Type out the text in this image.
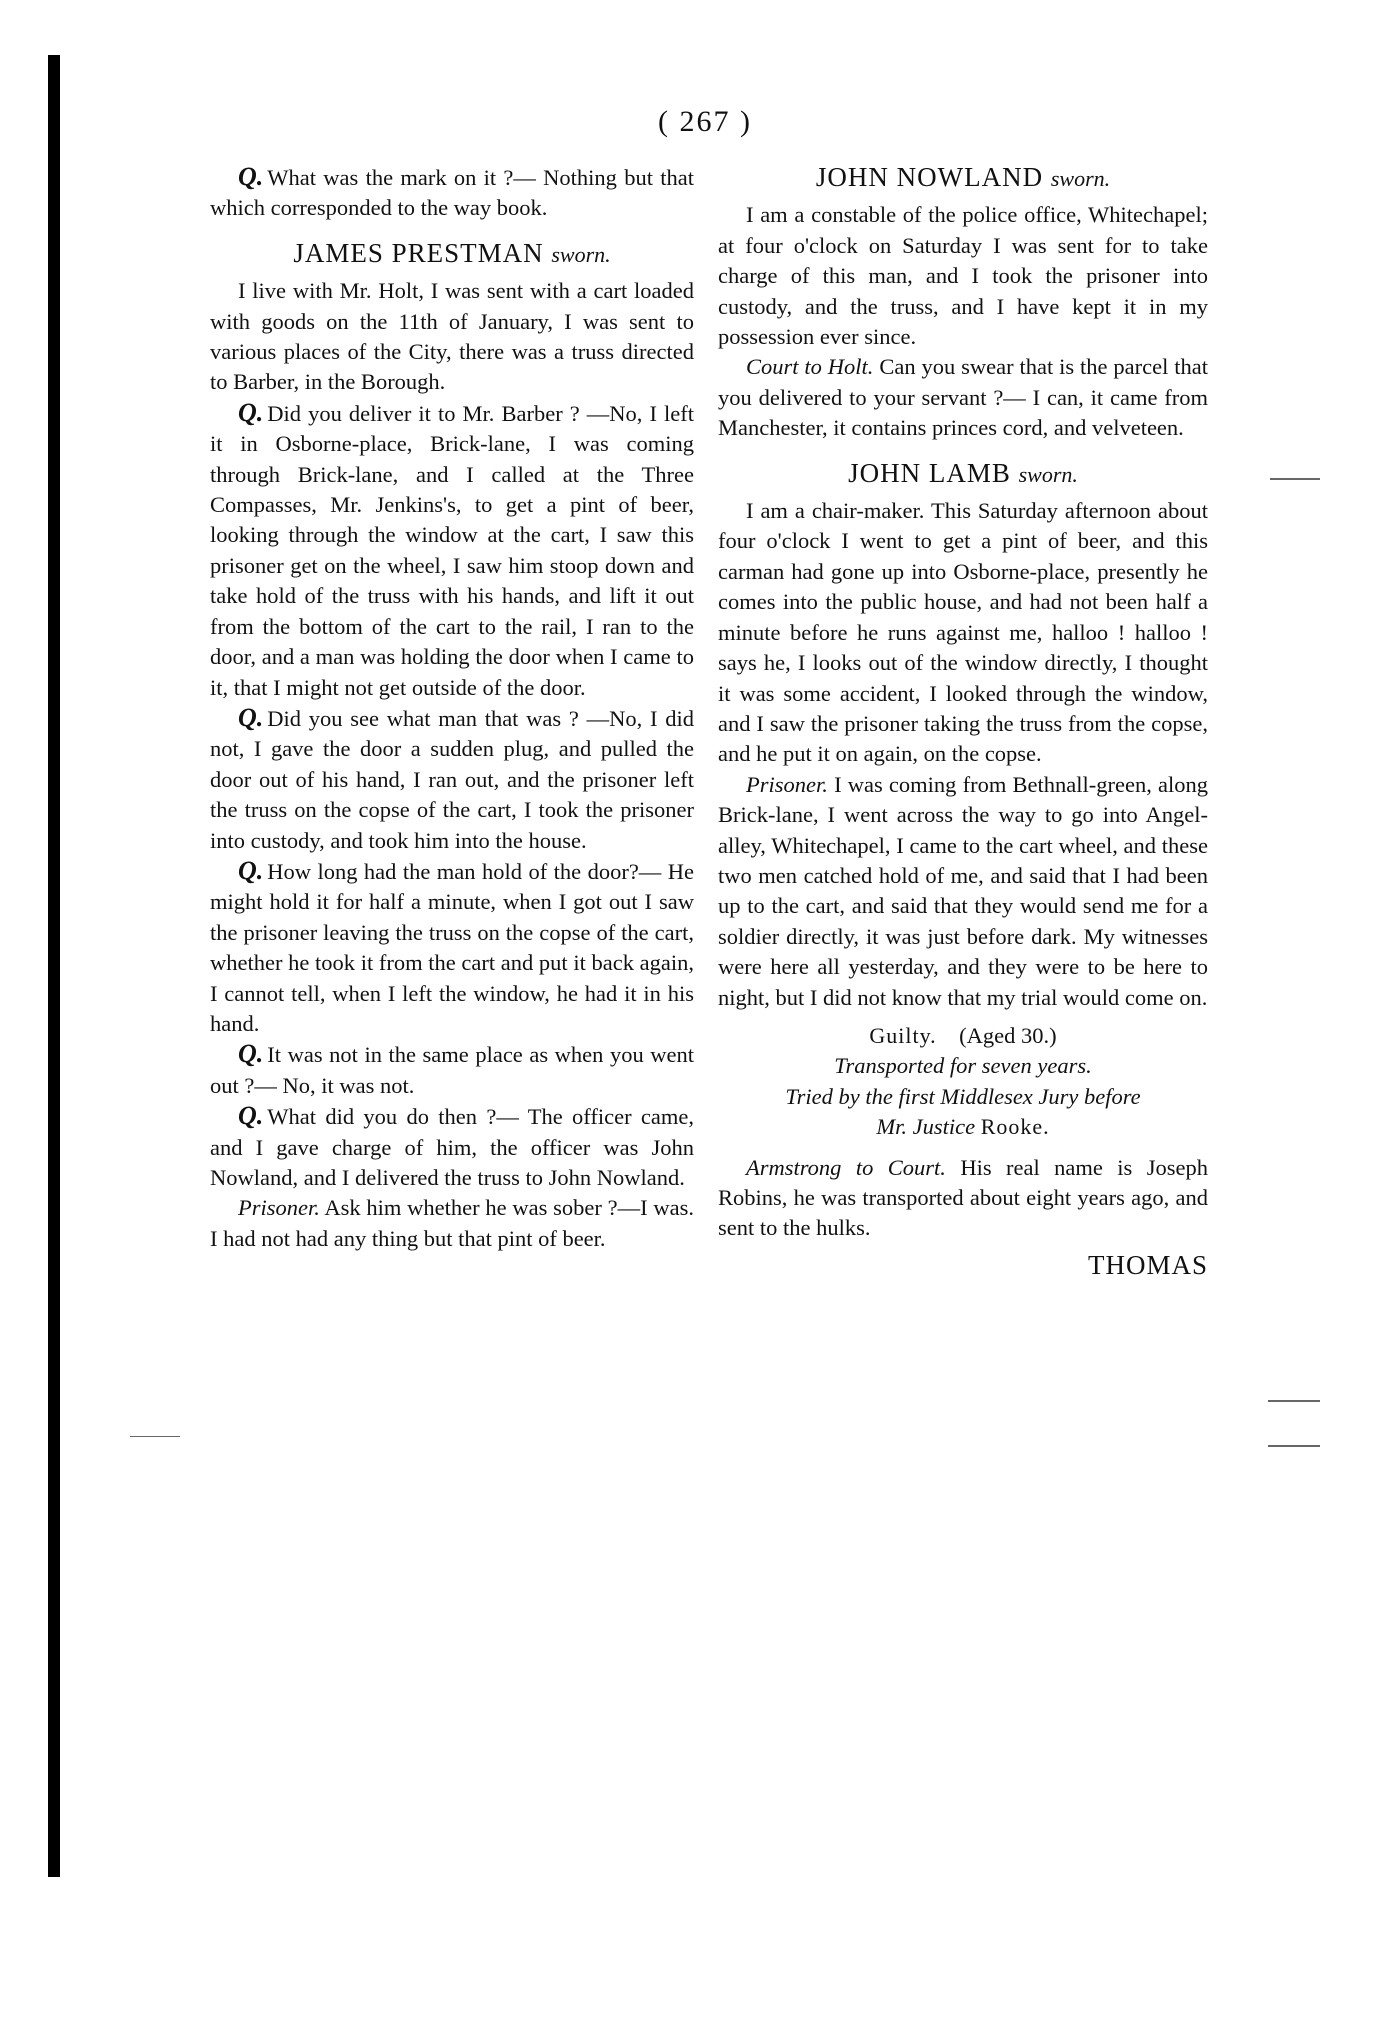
( 267 )

Q. What was the mark on it ?— Nothing but that which corresponded to the way book.

JAMES PRESTMAN sworn.

I live with Mr. Holt, I was sent with a cart loaded with goods on the 11th of January, I was sent to various places of the City, there was a truss directed to Barber, in the Borough.

Q. Did you deliver it to Mr. Barber ? —No, I left it in Osborne-place, Brick-lane, I was coming through Brick-lane, and I called at the Three Compasses, Mr. Jenkins's, to get a pint of beer, looking through the window at the cart, I saw this prisoner get on the wheel, I saw him stoop down and take hold of the truss with his hands, and lift it out from the bottom of the cart to the rail, I ran to the door, and a man was holding the door when I came to it, that I might not get outside of the door.

Q. Did you see what man that was ? —No, I did not, I gave the door a sudden plug, and pulled the door out of his hand, I ran out, and the prisoner left the truss on the copse of the cart, I took the prisoner into custody, and took him into the house.

Q. How long had the man hold of the door?— He might hold it for half a minute, when I got out I saw the prisoner leaving the truss on the copse of the cart, whether he took it from the cart and put it back again, I cannot tell, when I left the window, he had it in his hand.

Q. It was not in the same place as when you went out ?— No, it was not.

Q. What did you do then ?— The officer came, and I gave charge of him, the officer was John Nowland, and I delivered the truss to John Nowland.

Prisoner. Ask him whether he was sober ?—I was. I had not had any thing but that pint of beer.

JOHN NOWLAND sworn.

I am a constable of the police office, Whitechapel; at four o'clock on Saturday I was sent for to take charge of this man, and I took the prisoner into custody, and the truss, and I have kept it in my possession ever since.

Court to Holt. Can you swear that is the parcel that you delivered to your servant ?— I can, it came from Manchester, it contains princes cord, and velveteen.

JOHN LAMB sworn.

I am a chair-maker. This Saturday afternoon about four o'clock I went to get a pint of beer, and this carman had gone up into Osborne-place, presently he comes into the public house, and had not been half a minute before he runs against me, halloo ! halloo ! says he, I looks out of the window directly, I thought it was some accident, I looked through the window, and I saw the prisoner taking the truss from the copse, and he put it on again, on the copse.

Prisoner. I was coming from Bethnall-green, along Brick-lane, I went across the way to go into Angel-alley, Whitechapel, I came to the cart wheel, and these two men catched hold of me, and said that I had been up to the cart, and said that they would send me for a soldier directly, it was just before dark. My witnesses were here all yesterday, and they were to be here to night, but I did not know that my trial would come on.

Guilty. (Aged 30.)

Transported for seven years.

Tried by the first Middlesex Jury before

Mr. Justice Rooke.

Armstrong to Court. His real name is Joseph Robins, he was transported about eight years ago, and sent to the hulks.

THOMAS
